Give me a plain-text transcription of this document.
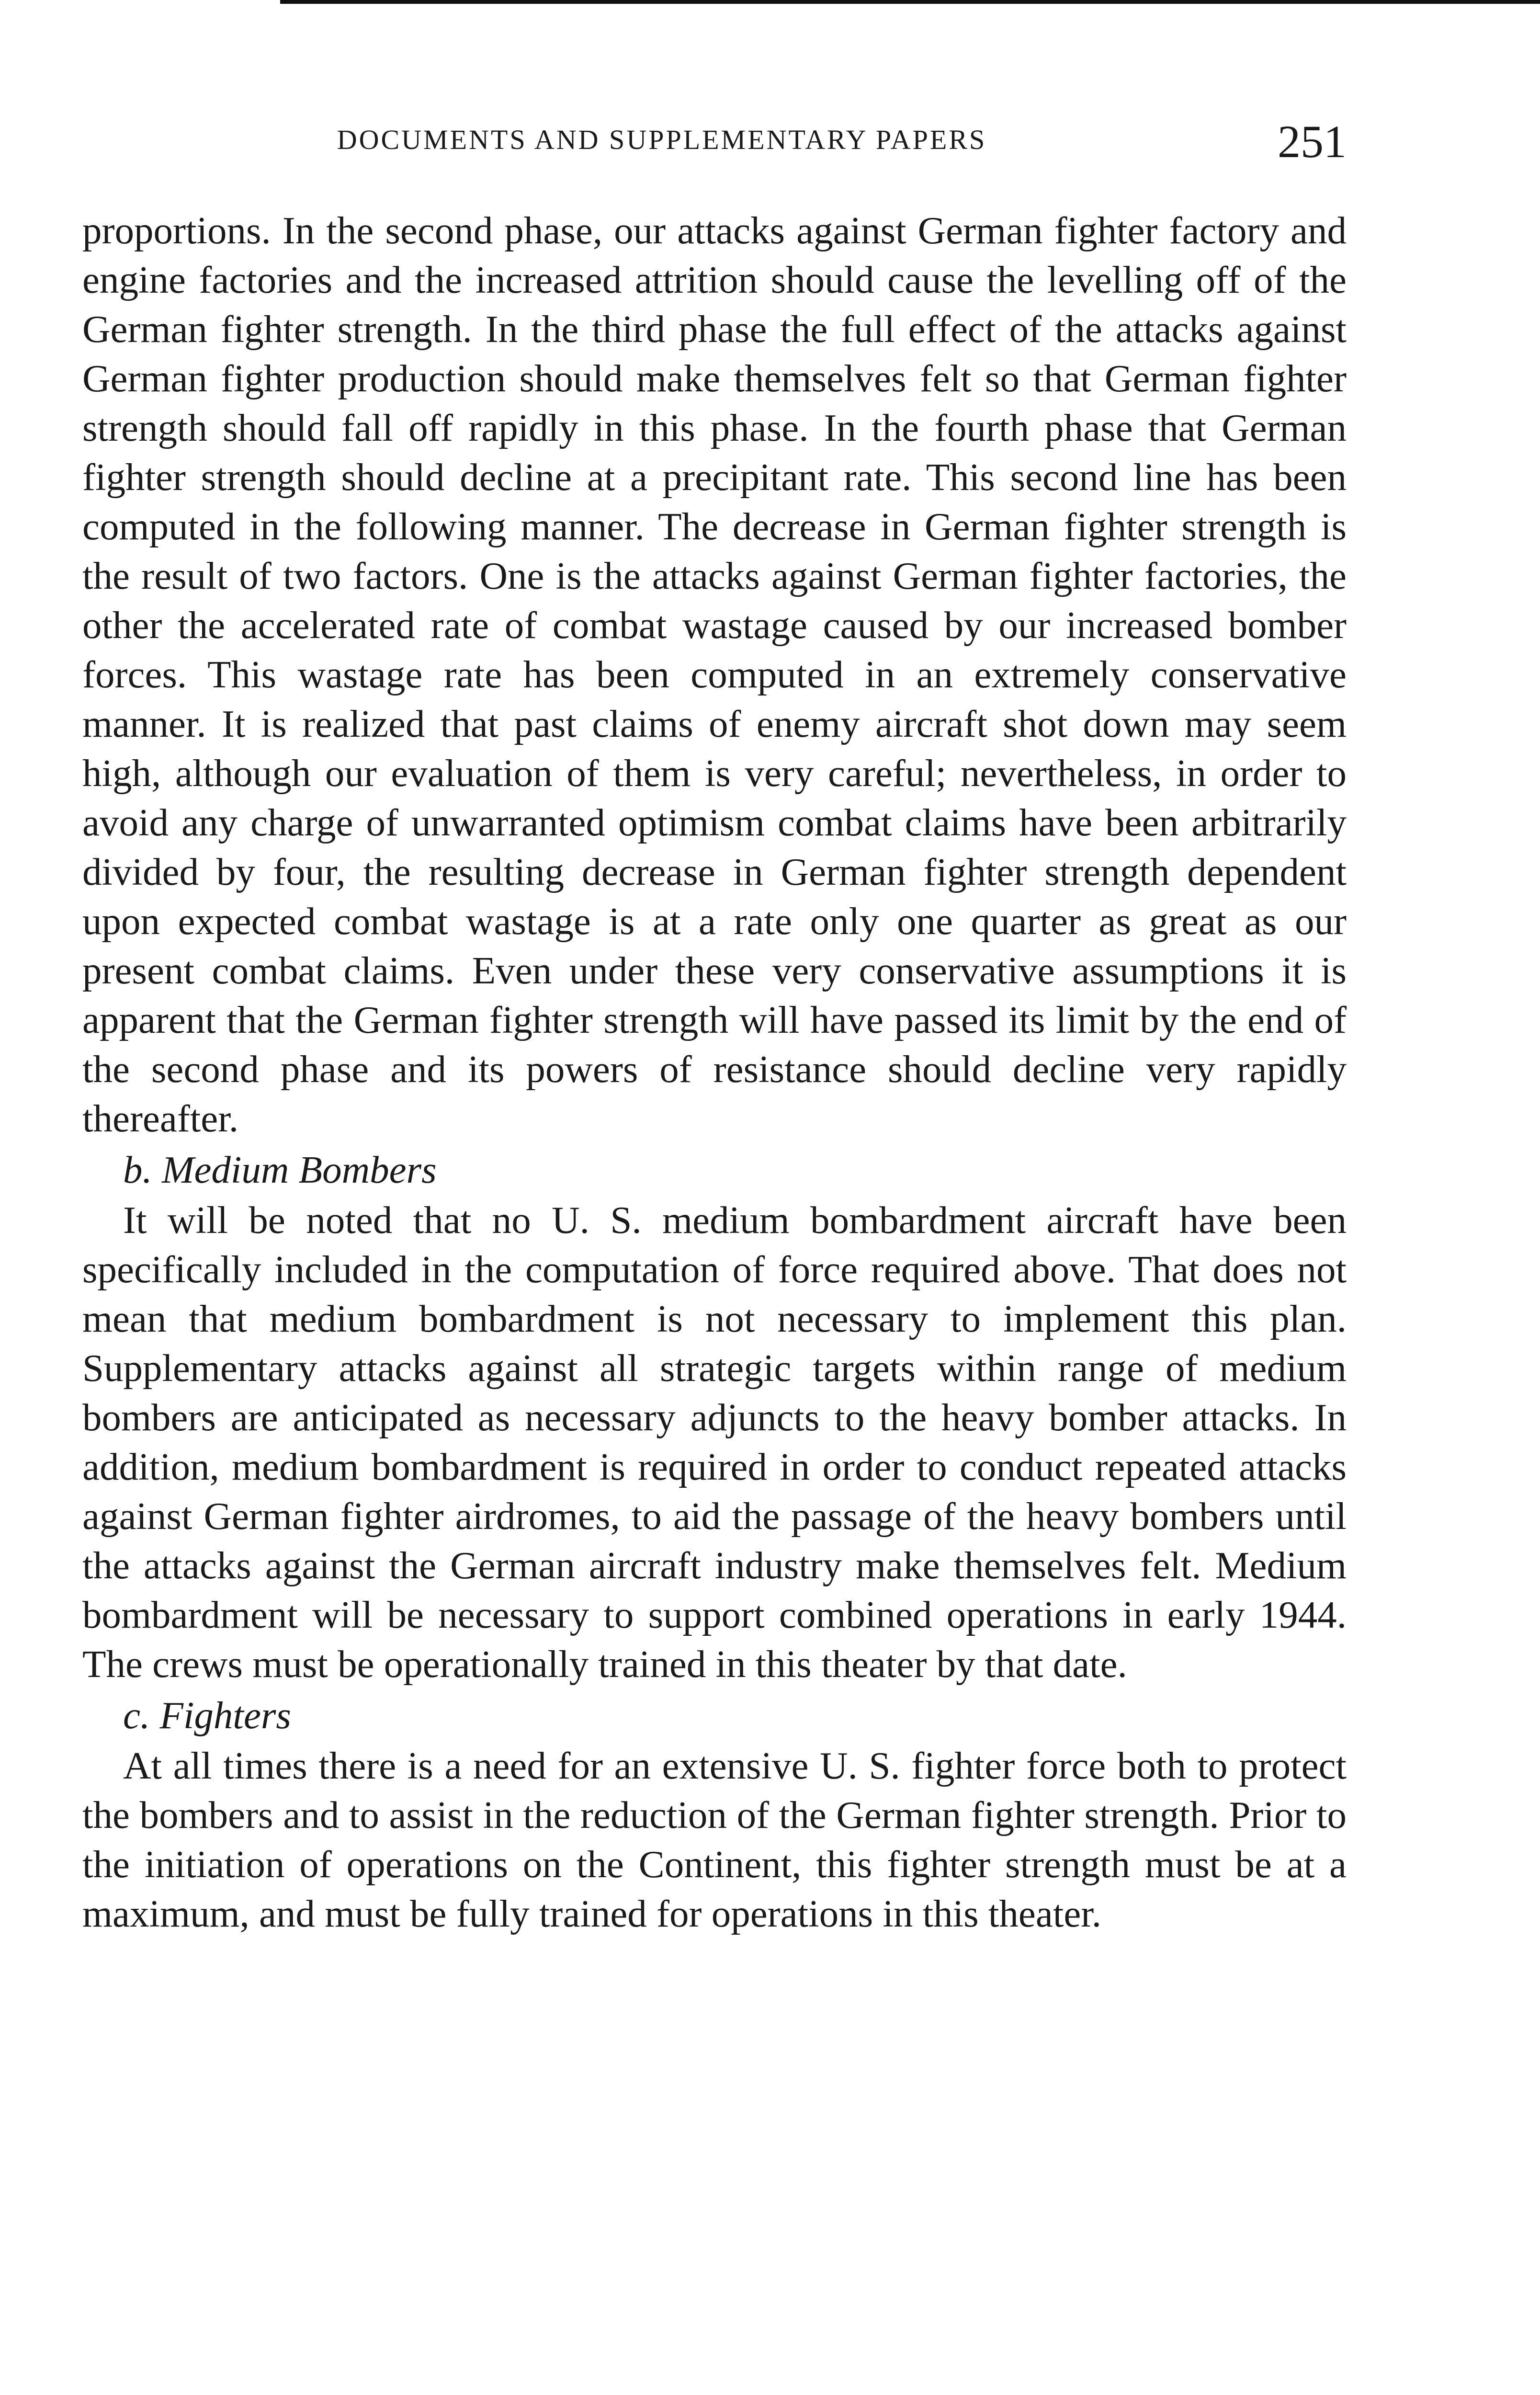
DOCUMENTS AND SUPPLEMENTARY PAPERS	251

proportions. In the second phase, our attacks against German fighter factory and engine factories and the increased attrition should cause the levelling off of the German fighter strength. In the third phase the full effect of the attacks against German fighter production should make themselves felt so that German fighter strength should fall off rapidly in this phase. In the fourth phase that German fighter strength should decline at a precipitant rate. This second line has been computed in the following manner. The decrease in German fighter strength is the result of two factors. One is the attacks against German fighter factories, the other the accelerated rate of combat wastage caused by our increased bomber forces. This wastage rate has been computed in an extremely conservative manner. It is realized that past claims of enemy aircraft shot down may seem high, although our evaluation of them is very careful; nevertheless, in order to avoid any charge of unwarranted optimism combat claims have been arbitrarily divided by four, the resulting decrease in German fighter strength dependent upon expected combat wastage is at a rate only one quarter as great as our present combat claims. Even under these very conservative assumptions it is apparent that the German fighter strength will have passed its limit by the end of the second phase and its powers of resistance should decline very rapidly thereafter.

b. Medium Bombers

It will be noted that no U. S. medium bombardment aircraft have been specifically included in the computation of force required above. That does not mean that medium bombardment is not necessary to implement this plan. Supplementary attacks against all strategic targets within range of medium bombers are anticipated as necessary adjuncts to the heavy bomber attacks. In addition, medium bombardment is required in order to conduct repeated attacks against German fighter airdromes, to aid the passage of the heavy bombers until the attacks against the German aircraft industry make themselves felt. Medium bombardment will be necessary to support combined operations in early 1944. The crews must be operationally trained in this theater by that date.

c. Fighters

At all times there is a need for an extensive U. S. fighter force both to protect the bombers and to assist in the reduction of the German fighter strength. Prior to the initiation of operations on the Continent, this fighter strength must be at a maximum, and must be fully trained for operations in this theater.
